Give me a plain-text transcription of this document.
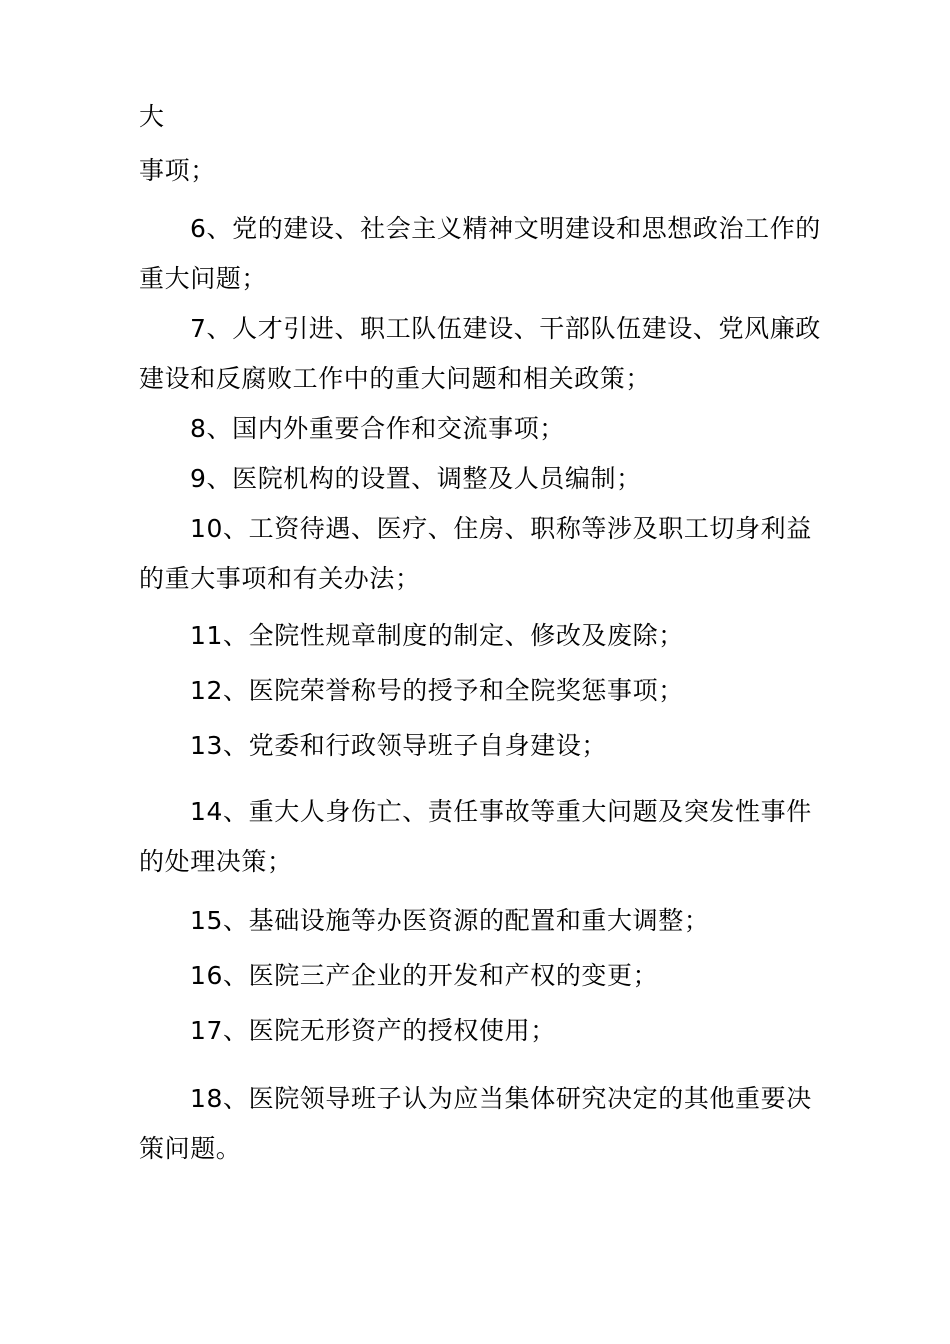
大
事项；
6、党的建设、社会主义精神文明建设和思想政治工作的
重大问题；
7、人才引进、职工队伍建设、干部队伍建设、党风廉政
建设和反腐败工作中的重大问题和相关政策；
8、国内外重要合作和交流事项；
9、医院机构的设置、调整及人员编制；
10、工资待遇、医疗、住房、职称等涉及职工切身利益
的重大事项和有关办法；
11、全院性规章制度的制定、修改及废除；
12、医院荣誉称号的授予和全院奖惩事项；
13、党委和行政领导班子自身建设；
14、重大人身伤亡、责任事故等重大问题及突发性事件
的处理决策；
15、基础设施等办医资源的配置和重大调整；
16、医院三产企业的开发和产权的变更；
17、医院无形资产的授权使用；
18、医院领导班子认为应当集体研究决定的其他重要决
策问题。
